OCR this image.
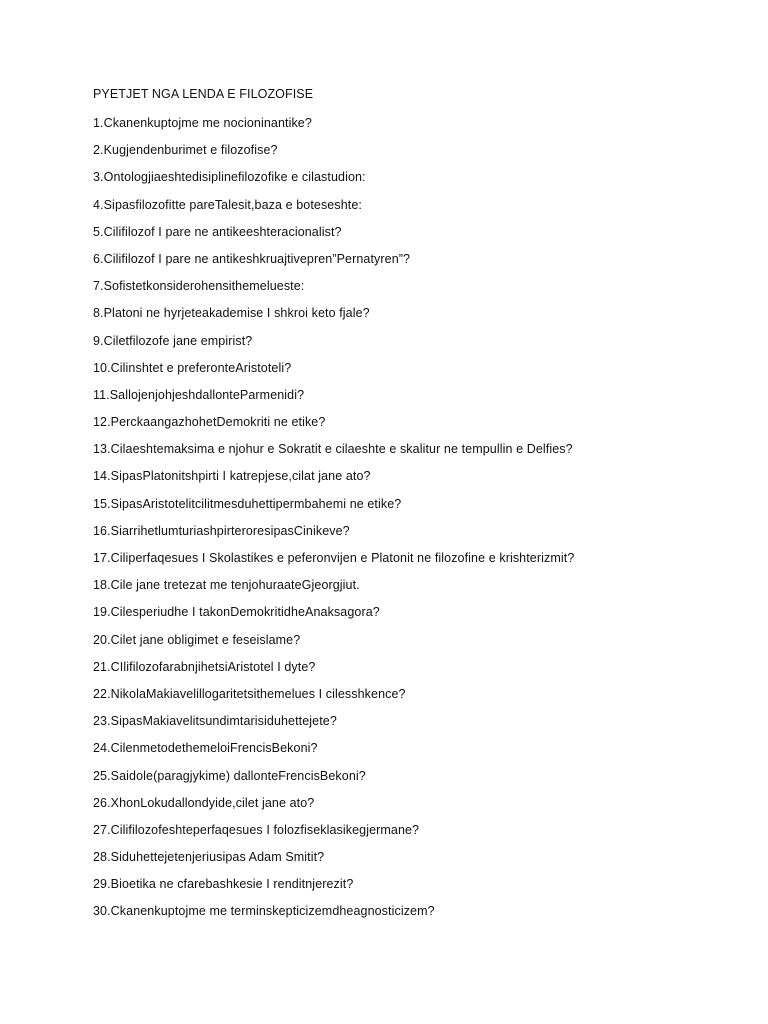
PYETJET NGA LENDA E FILOZOFISE
1.Ckanenkuptojme me nocioninantike?
2.Kugjendenburimet e filozofise?
3.Ontologjiaeshtedisiplinefilozofike e cilastudion:
4.Sipasfilozofitte pareTalesit,baza e boteseshte:
5.Cilifilozof I pare ne antikeeshteracionalist?
6.Cilifilozof I pare ne antikeshkruajtivepren”Pernatyren”?
7.Sofistetkonsiderohensithemelueste:
8.Platoni ne hyrjeteakademise I shkroi keto fjale?
9.Ciletfilozofe jane empirist?
10.Cilinshtet e preferonteAristoteli?
11.SallojenjohjeshdallonteParmenidi?
12.PerckaangazhohetDemokriti ne etike?
13.Cilaeshtemaksima e njohur e Sokratit e cilaeshte e skalitur ne tempullin e Delfies?
14.SipasPlatonitshpirti I katrepjese,cilat jane ato?
15.SipasAristotelitcilitmesduhettipermbahemi ne etike?
16.SiarrihetlumturiashpirteroresipasCinikeve?
17.Ciliperfaqesues I Skolastikes e peferonvijen e Platonit ne filozofine e krishterizmit?
18.Cile jane tretezat me tenjohuraateGjeorgjiut.
19.Cilesperiudhe I takonDemokritidheAnaksagora?
20.Cilet jane obligimet e feseislame?
21.CIlifilozofarabnjihetsiAristotel I dyte?
22.NikolaMakiavelillogaritetsithemelues I cilesshkence?
23.SipasMakiavelitsundimtarisiduhettejete?
24.CilenmetodethemeloiFrencisBekoni?
25.Saidole(paragjykime) dallonteFrencisBekoni?
26.XhonLokudallondyide,cilet jane ato?
27.Cilifilozofeshteperfaqesues I folozfiseklasikegjermane?
28.Siduhettejetenjeriusipas Adam Smitit?
29.Bioetika ne cfarebashkesie I renditnjerezit?
30.Ckanenkuptojme me terminskepticizemdheagnosticizem?
